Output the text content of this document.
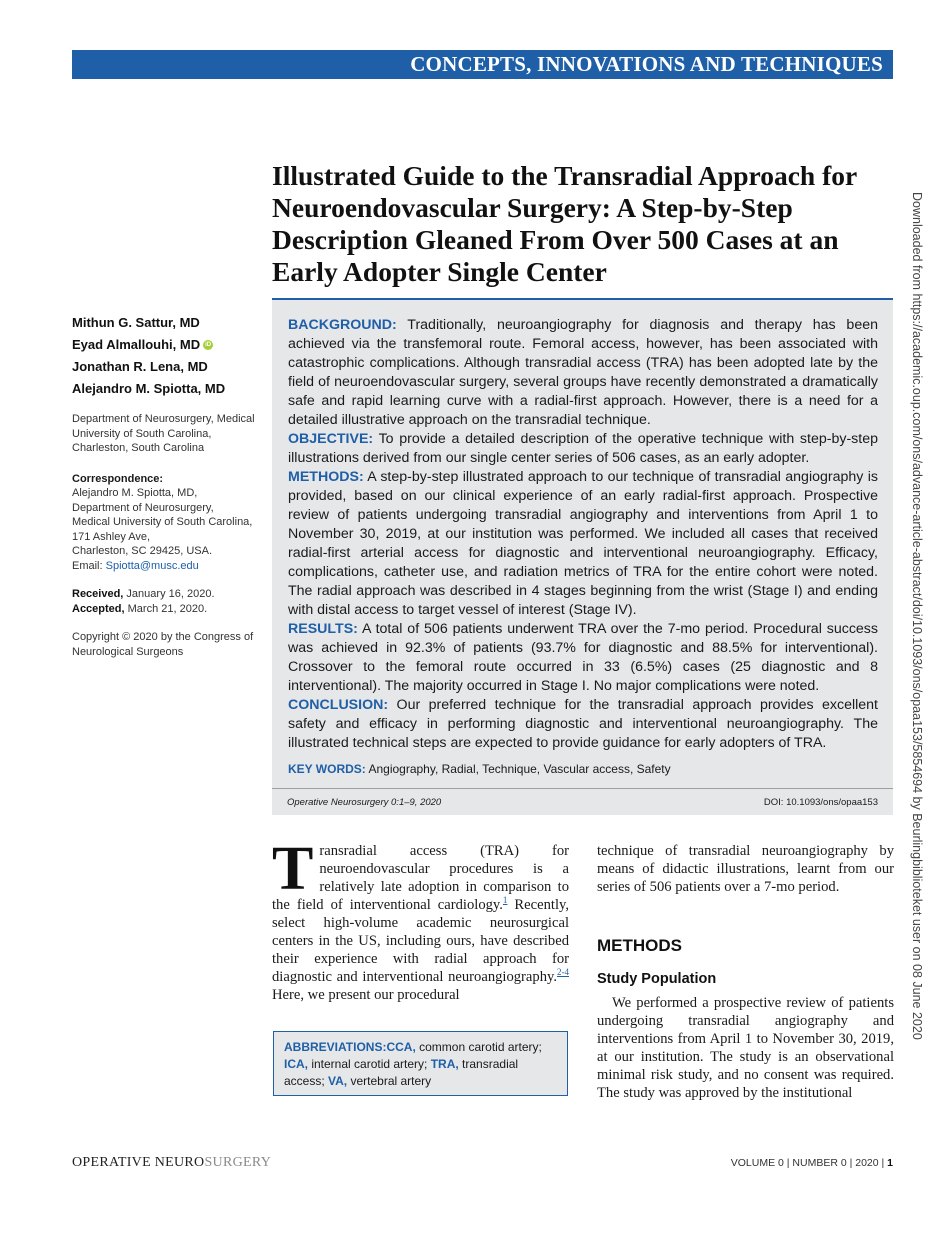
CONCEPTS, INNOVATIONS AND TECHNIQUES
Downloaded from https://academic.oup.com/ons/advance-article-abstract/doi/10.1093/ons/opaa153/5854694 by Beurlingbiblioteket user on 08 June 2020
Illustrated Guide to the Transradial Approach for Neuroendovascular Surgery: A Step-by-Step Description Gleaned From Over 500 Cases at an Early Adopter Single Center
Mithun G. Sattur, MD
Eyad Almallouhi, MD iD
Jonathan R. Lena, MD
Alejandro M. Spiotta, MD
Department of Neurosurgery, Medical University of South Carolina, Charleston, South Carolina
Correspondence:
Alejandro M. Spiotta, MD,
Department of Neurosurgery,
Medical University of South Carolina,
171 Ashley Ave,
Charleston, SC 29425, USA.
Email: Spiotta@musc.edu
Received, January 16, 2020.
Accepted, March 21, 2020.
Copyright © 2020 by the Congress of Neurological Surgeons

BACKGROUND: Traditionally, neuroangiography for diagnosis and therapy has been achieved via the transfemoral route. Femoral access, however, has been associated with catastrophic complications. Although transradial access (TRA) has been adopted late by the field of neuroendovascular surgery, several groups have recently demonstrated a dramatically safe and rapid learning curve with a radial-first approach. However, there is a need for a detailed illustrative approach on the transradial technique.

OBJECTIVE: To provide a detailed description of the operative technique with step-by-step illustrations derived from our single center series of 506 cases, as an early adopter.

METHODS: A step-by-step illustrated approach to our technique of transradial angiography is provided, based on our clinical experience of an early radial-first approach. Prospective review of patients undergoing transradial angiography and interventions from April 1 to November 30, 2019, at our institution was performed. We included all cases that received radial-first arterial access for diagnostic and interventional neuroangiography. Efficacy, complications, catheter use, and radiation metrics of TRA for the entire cohort were noted. The radial approach was described in 4 stages beginning from the wrist (Stage I) and ending with distal access to target vessel of interest (Stage IV).

RESULTS: A total of 506 patients underwent TRA over the 7-mo period. Procedural success was achieved in 92.3% of patients (93.7% for diagnostic and 88.5% for interventional). Crossover to the femoral route occurred in 33 (6.5%) cases (25 diagnostic and 8 interventional). The majority occurred in Stage I. No major complications were noted.

CONCLUSION: Our preferred technique for the transradial approach provides excellent safety and efficacy in performing diagnostic and interventional neuroangiography. The illustrated technical steps are expected to provide guidance for early adopters of TRA.

KEY WORDS: Angiography, Radial, Technique, Vascular access, Safety
Operative Neurosurgery 0:1–9, 2020	DOI: 10.1093/ons/opaa153
Transradial access (TRA) for neuroendovascular procedures is a relatively late adoption in comparison to the field of interventional cardiology.$^1$ Recently, select high-volume academic neurosurgical centers in the US, including ours, have described their experience with radial approach for diagnostic and interventional neuroangiography.$^{2-4}$ Here, we present our procedural
technique of transradial neuroangiography by means of didactic illustrations, learnt from our series of 506 patients over a 7-mo period.
METHODS
Study Population
We performed a prospective review of patients undergoing transradial angiography and interventions from April 1 to November 30, 2019, at our institution. The study is an observational minimal risk study, and no consent was required. The study was approved by the institutional
ABBREVIATIONS:CCA, common carotid artery; ICA, internal carotid artery; TRA, transradial access; VA, vertebral artery
OPERATIVE NEUROSURGERY	VOLUME 0 | NUMBER 0 | 2020 | 1
